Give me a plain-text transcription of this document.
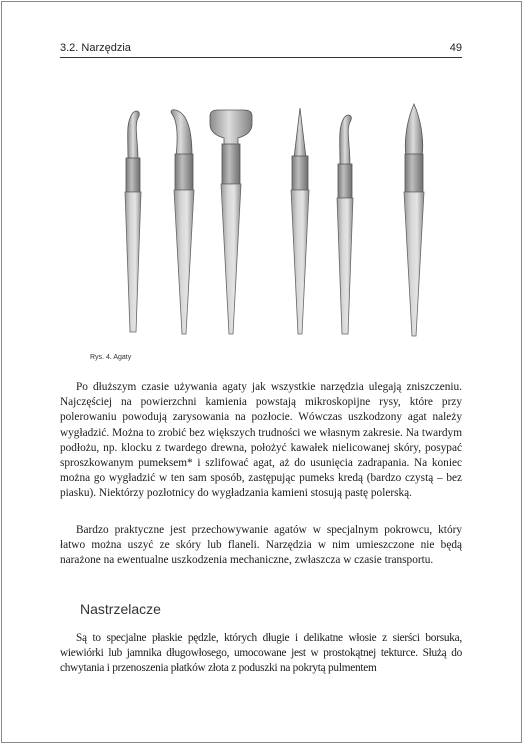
3.2. Narzędzia	49
Rys. 4. Agaty

Po dłuższym czasie używania agaty jak wszystkie narzędzia ulegają zniszczeniu. Najczęściej na powierzchni kamienia powstają mikroskopijne rysy, które przy polerowaniu powodują zarysowania na pozłocie. Wówczas uszkodzony agat należy wygładzić. Można to zrobić bez większych trudności we własnym zakresie. Na twardym podłożu, np. klocku z twardego drewna, położyć kawałek nielicowanej skóry, posypać sproszkowanym pumeksem* i szlifować agat, aż do usunięcia zadrapania. Na koniec można go wygładzić w ten sam sposób, zastępując pumeks kredą (bardzo czystą – bez piasku). Niektórzy pozłotnicy do wygładzania kamieni stosują pastę polerską.

Bardzo praktyczne jest przechowywanie agatów w specjalnym pokrowcu, który łatwo można uszyć ze skóry lub flaneli. Narzędzia w nim umieszczone nie będą narażone na ewentualne uszkodzenia mechaniczne, zwłaszcza w czasie transportu.

Nastrzelacze

Są to specjalne płaskie pędzle, których długie i delikatne włosie z sierści borsuka, wiewiórki lub jamnika długowłosego, umocowane jest w prostokątnej tekturce. Służą do chwytania i przenoszenia płatków złota z poduszki na pokrytą pulmentem
